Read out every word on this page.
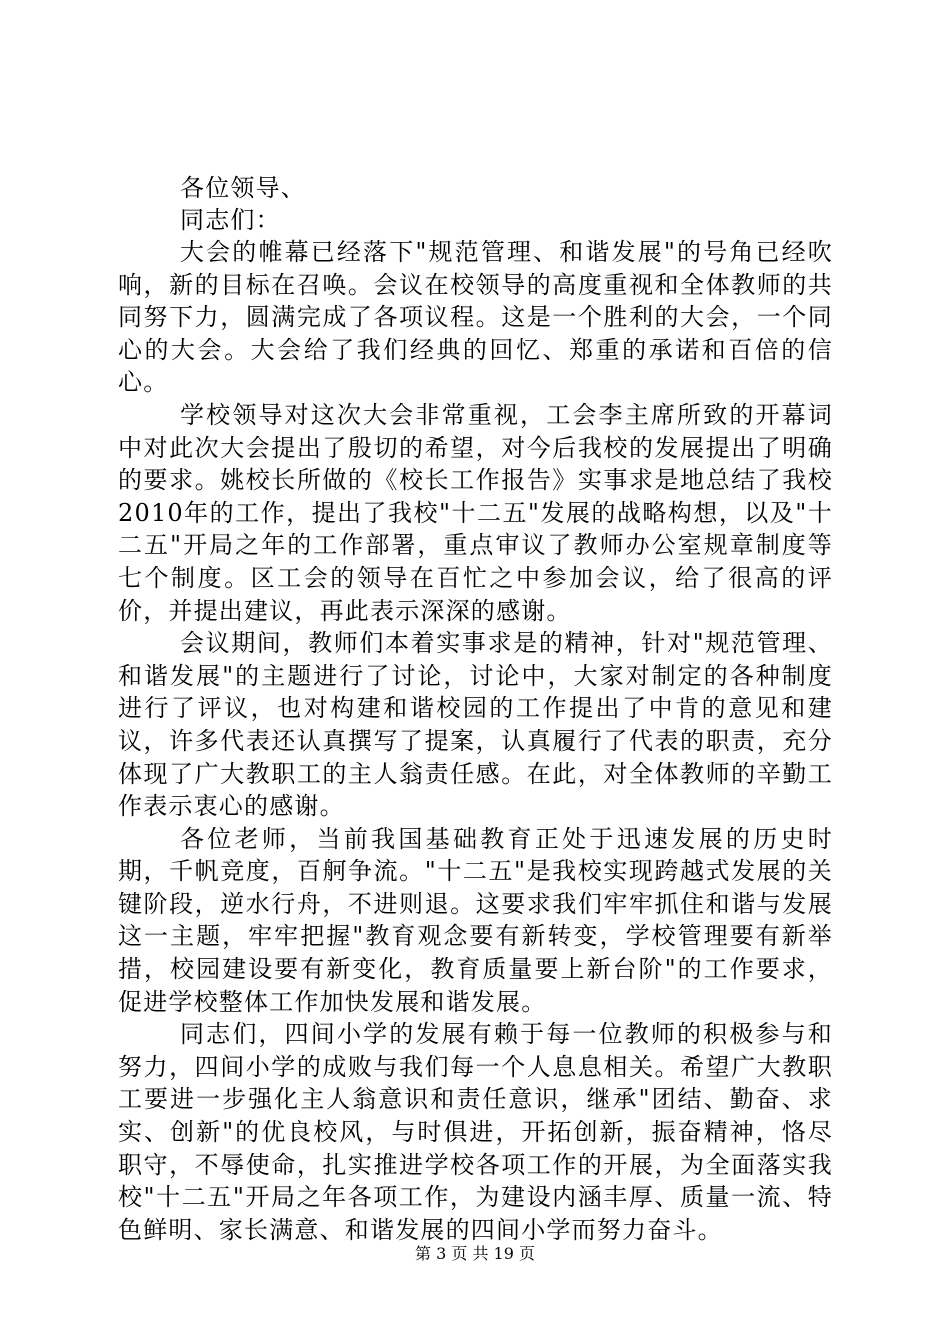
各位领导、

同志们：

大会的帷幕已经落下"规范管理、和谐发展"的号角已经吹响，新的目标在召唤。会议在校领导的高度重视和全体教师的共同努下力，圆满完成了各项议程。这是一个胜利的大会，一个同心的大会。大会给了我们经典的回忆、郑重的承诺和百倍的信心。

学校领导对这次大会非常重视，工会李主席所致的开幕词中对此次大会提出了殷切的希望，对今后我校的发展提出了明确的要求。姚校长所做的《校长工作报告》实事求是地总结了我校2010年的工作，提出了我校"十二五"发展的战略构想，以及"十二五"开局之年的工作部署，重点审议了教师办公室规章制度等七个制度。区工会的领导在百忙之中参加会议，给了很高的评价，并提出建议，再此表示深深的感谢。

会议期间，教师们本着实事求是的精神，针对"规范管理、和谐发展"的主题进行了讨论，讨论中，大家对制定的各种制度进行了评议，也对构建和谐校园的工作提出了中肯的意见和建议，许多代表还认真撰写了提案，认真履行了代表的职责，充分体现了广大教职工的主人翁责任感。在此，对全体教师的辛勤工作表示衷心的感谢。

各位老师，当前我国基础教育正处于迅速发展的历史时期，千帆竞度，百舸争流。"十二五"是我校实现跨越式发展的关键阶段，逆水行舟，不进则退。这要求我们牢牢抓住和谐与发展这一主题，牢牢把握"教育观念要有新转变，学校管理要有新举措，校园建设要有新变化，教育质量要上新台阶"的工作要求，促进学校整体工作加快发展和谐发展。

同志们，四间小学的发展有赖于每一位教师的积极参与和努力，四间小学的成败与我们每一个人息息相关。希望广大教职工要进一步强化主人翁意识和责任意识，继承"团结、勤奋、求实、创新"的优良校风，与时俱进，开拓创新，振奋精神，恪尽职守，不辱使命，扎实推进学校各项工作的开展，为全面落实我校"十二五"开局之年各项工作，为建设内涵丰厚、质量一流、特色鲜明、家长满意、和谐发展的四间小学而努力奋斗。

第 3 页 共 19 页
